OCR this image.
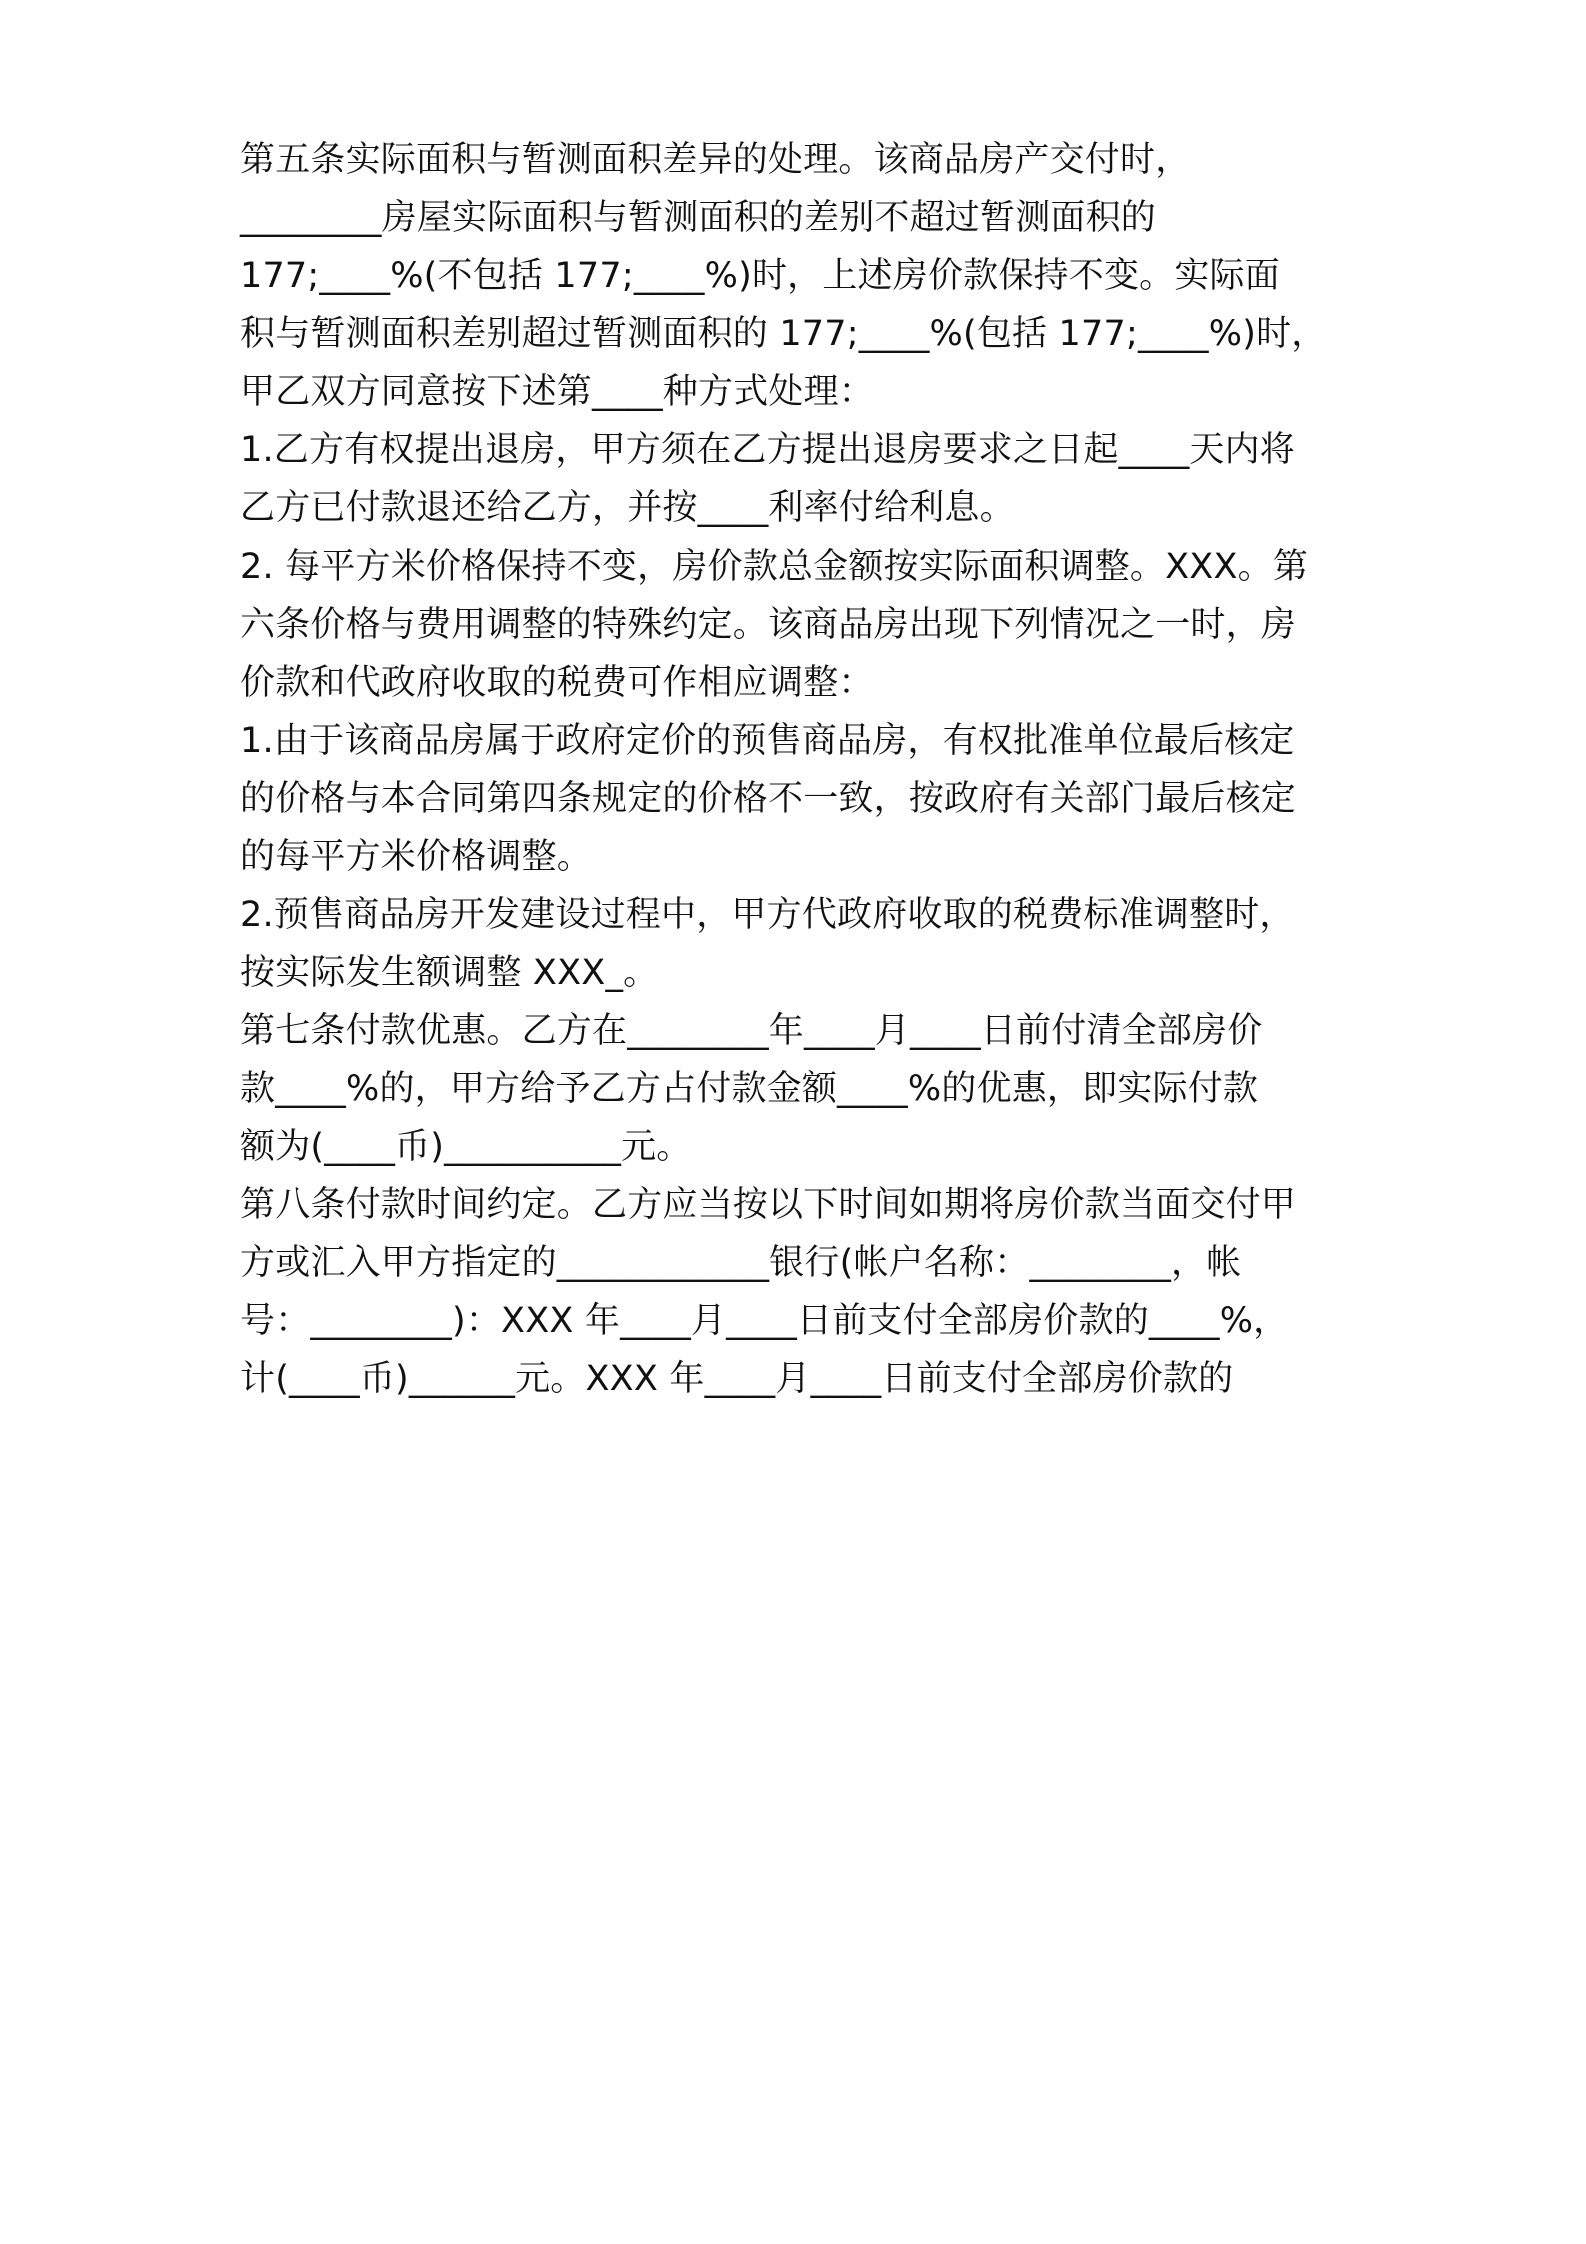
第五条实际面积与暂测面积差异的处理。该商品房产交付时，

________房屋实际面积与暂测面积的差别不超过暂测面积的

177;____%(不包括 177;____%)时，上述房价款保持不变。实际面

积与暂测面积差别超过暂测面积的 177;____%(包括 177;____%)时，

甲乙双方同意按下述第____种方式处理：

1.乙方有权提出退房，甲方须在乙方提出退房要求之日起____天内将

乙方已付款退还给乙方，并按____利率付给利息。

2. 每平方米价格保持不变，房价款总金额按实际面积调整。XXX。第

六条价格与费用调整的特殊约定。该商品房出现下列情况之一时，房

价款和代政府收取的税费可作相应调整：

1.由于该商品房属于政府定价的预售商品房，有权批准单位最后核定

的价格与本合同第四条规定的价格不一致，按政府有关部门最后核定

的每平方米价格调整。

2.预售商品房开发建设过程中，甲方代政府收取的税费标准调整时，

按实际发生额调整 XXX_。

第七条付款优惠。乙方在________年____月____日前付清全部房价

款____%的，甲方给予乙方占付款金额____%的优惠，即实际付款

额为(____币)__________元。

第八条付款时间约定。乙方应当按以下时间如期将房价款当面交付甲

方或汇入甲方指定的____________银行(帐户名称：________，帐

号：________)：XXX 年____月____日前支付全部房价款的____%，

计(____币)______元。XXX 年____月____日前支付全部房价款的
